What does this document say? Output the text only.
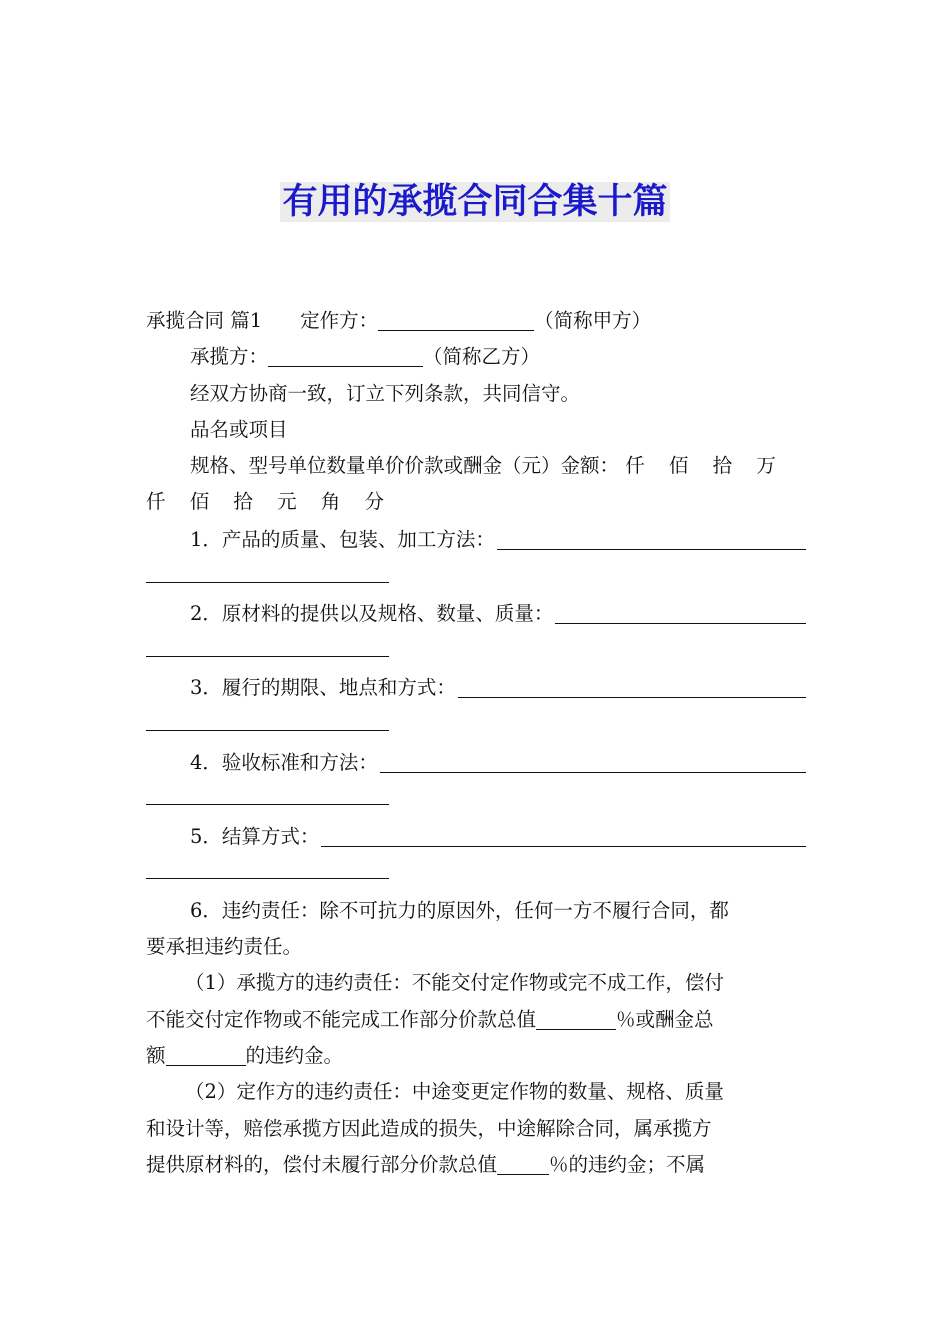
有用的承揽合同合集十篇

承揽合同 篇1 定作方：	（简称甲方）

承揽方：	（简称乙方）

经双方协商一致，订立下列条款，共同信守。

品名或项目

规格、型号单位数量单价价款或酬金（元）金额： 仟 佰 拾 万
仟 佰 拾 元 角 分

1．产品的质量、包装、加工方法：
2．原材料的提供以及规格、数量、质量：
3．履行的期限、地点和方式：
4．验收标准和方法：
5．结算方式：

6．违约责任：除不可抗力的原因外，任何一方不履行合同，都

要承担违约责任。

（1）承揽方的违约责任：不能交付定作物或完不成工作，偿付

不能交付定作物或不能完成工作部分价款总值	％或酬金总

额	的违约金。

（2）定作方的违约责任：中途变更定作物的数量、规格、质量

和设计等，赔偿承揽方因此造成的损失，中途解除合同，属承揽方

提供原材料的，偿付未履行部分价款总值	％的违约金；不属
